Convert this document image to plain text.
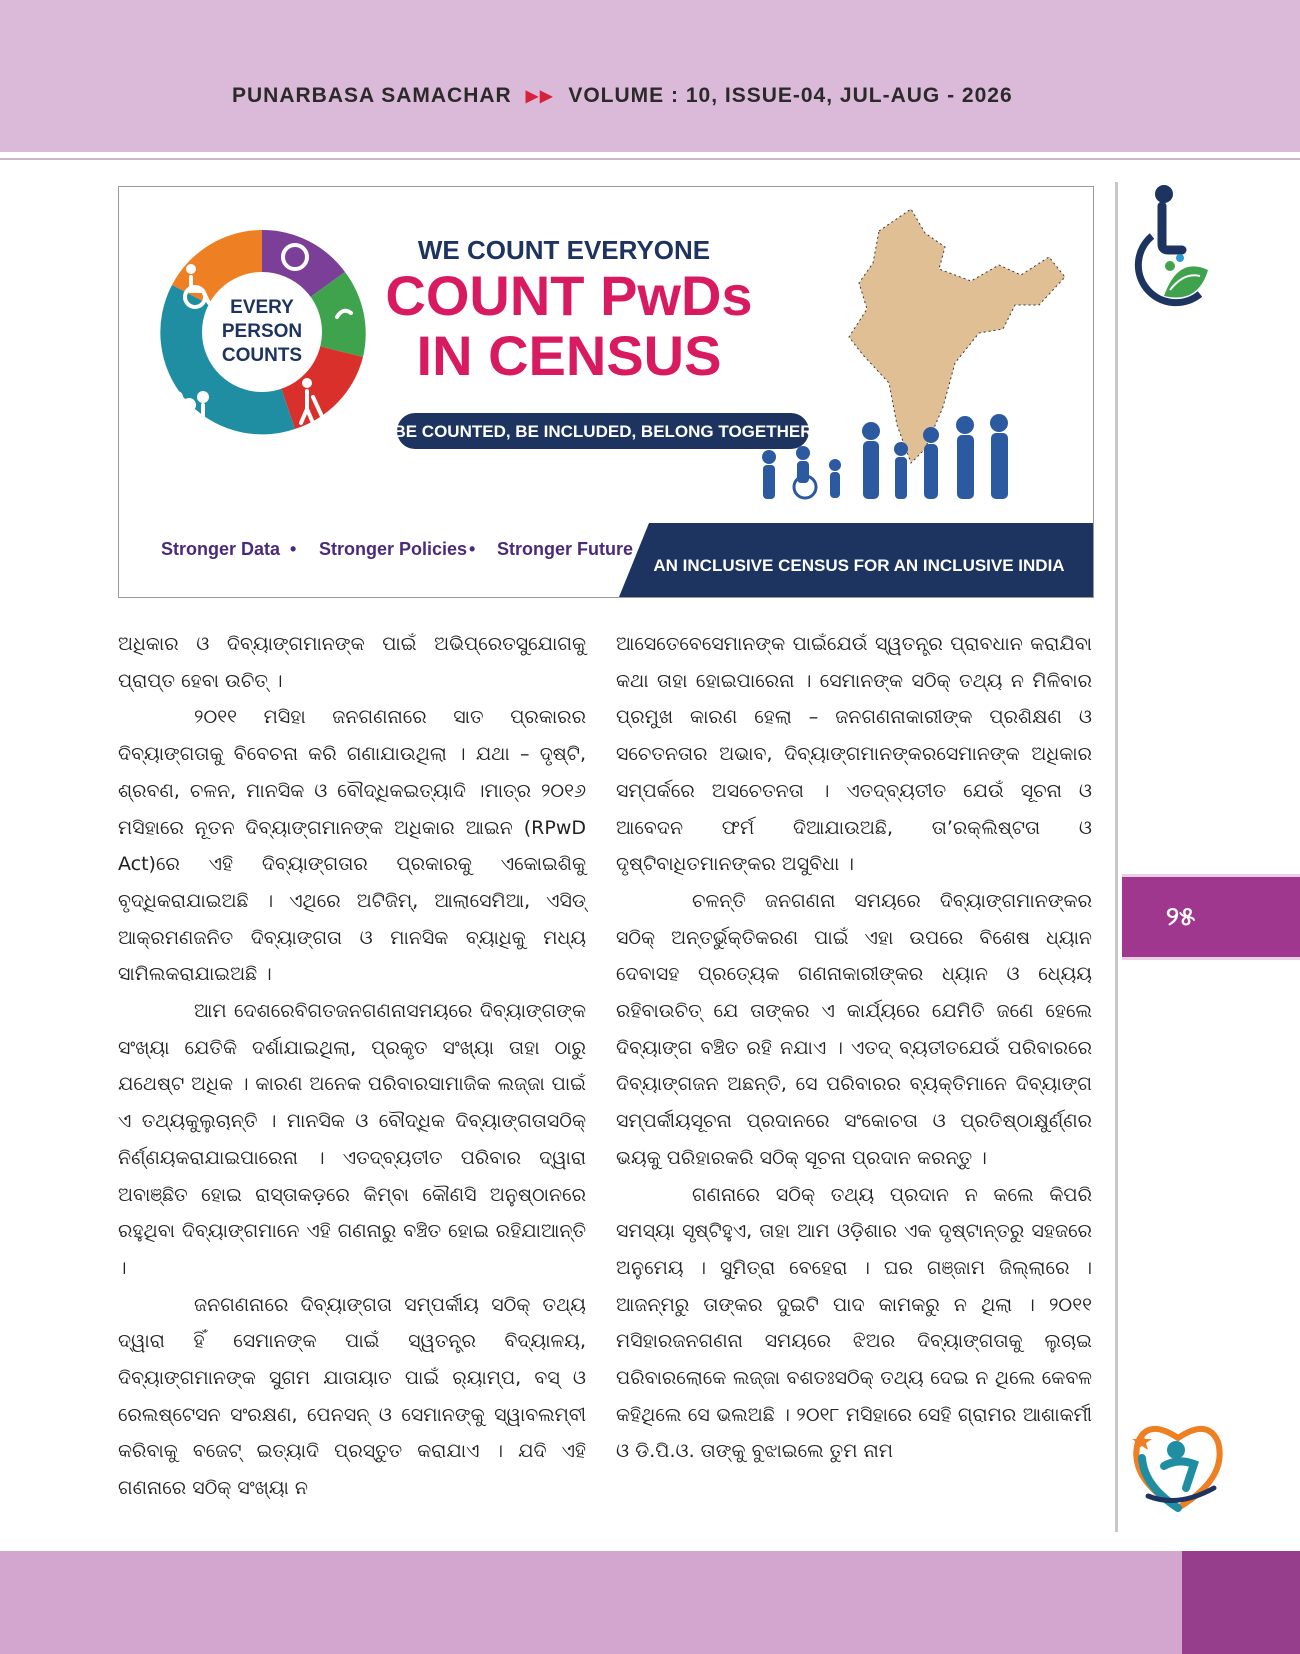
PUNARBASA SAMACHAR ▶▶ VOLUME : 10, ISSUE-04, JUL-AUG - 2026
EVERY
PERSON
COUNTS
WE COUNT EVERYONE
COUNT PwDs
IN CENSUS
BE COUNTED, BE INCLUDED, BELONG TOGETHER
Stronger Data • Stronger Policies • Stronger Future
AN INCLUSIVE CENSUS FOR AN INCLUSIVE INDIA

ଅଧିକାର ଓ ଦିବ୍ୟାଙ୍ଗମାନଙ୍କ ପାଇଁ ଅଭିପ୍ରେତସୁଯୋଗକୁ ପ୍ରାପ୍ତ ହେବା ଉଚିତ୍ ।

୨୦୧୧ ମସିହା ଜନଗଣନାରେ ସାତ ପ୍ରକାରର ଦିବ୍ୟାଙ୍ଗତାକୁ ବିବେଚନା କରି ଗଣାଯାଉଥିଲା । ଯଥା – ଦୃଷ୍ଟି, ଶ୍ରବଣ, ଚଳନ, ମାନସିକ ଓ ବୌଦ୍ଧିକଇତ୍ୟାଦି ।ମାତ୍ର ୨୦୧୬ ମସିହାରେ ନୂତନ ଦିବ୍ୟାଙ୍ଗମାନଙ୍କ ଅଧିକାର ଆଇନ (RPwD Act)ରେ ଏହି ଦିବ୍ୟାଙ୍ଗତାର ପ୍ରକାରକୁ ଏକୋଇଶିକୁ ବୃଦ୍ଧିକରାଯାଇଅଛି । ଏଥିରେ ଅଟିଜିମ୍, ଆଲାସେମିଆ, ଏସିଡ୍ ଆକ୍ରମଣଜନିତ ଦିବ୍ୟାଙ୍ଗତା ଓ ମାନସିକ ବ୍ୟାଧିକୁ ମଧ୍ୟ ସାମିଲକରାଯାଇଅଛି ।

ଆମ ଦେଶରେବିଗତଜନଗଣନାସମୟରେ ଦିବ୍ୟାଙ୍ଗଙ୍କ ସଂଖ୍ୟା ଯେତିକି ଦର୍ଶାଯାଇଥିଲା, ପ୍ରକୃତ ସଂଖ୍ୟା ତାହା ଠାରୁ ଯଥେଷ୍ଟ ଅଧିକ । କାରଣ ଅନେକ ପରିବାରସାମାଜିକ ଲଜ୍ଜା ପାଇଁ ଏ ତଥ୍ୟକୁଲୁଚାନ୍ତି । ମାନସିକ ଓ ବୌଦ୍ଧିକ ଦିବ୍ୟାଙ୍ଗତାସଠିକ୍ ନିର୍ଣ୍ଣୟକରାଯାଇପାରେନା । ଏତଦ୍‌ବ୍ୟତୀତ ପରିବାର ଦ୍ୱାରା ଅବାଞ୍ଛିତ ହୋଇ ରାସ୍ତାକଡ଼ରେ କିମ୍ବା କୌଣସି ଅନୁଷ୍ଠାନରେ ରହୁଥିବା ଦିବ୍ୟାଙ୍ଗମାନେ ଏହି ଗଣନାରୁ ବଞ୍ଚିତ ହୋଇ ରହିଯାଆନ୍ତି ।

ଜନଗଣନାରେ ଦିବ୍ୟାଙ୍ଗତା ସମ୍ପର୍କୀୟ ସଠିକ୍ ତଥ୍ୟ ଦ୍ୱାରା ହିଁ ସେମାନଙ୍କ ପାଇଁ ସ୍ୱତନ୍ତ୍ର ବିଦ୍ୟାଳୟ, ଦିବ୍ୟାଙ୍ଗମାନଙ୍କ ସୁଗମ ଯାତାୟାତ ପାଇଁ ର୍‍ୟାମ୍ପ, ବସ୍ ଓ ରେଲଷ୍ଟେସନ ସଂରକ୍ଷଣ, ପେନସନ୍ ଓ ସେମାନଙ୍କୁ ସ୍ୱାବଲମ୍ବୀ କରିବାକୁ ବଜେଟ୍ ଇତ୍ୟାଦି ପ୍ରସ୍ତୁତ କରାଯାଏ । ଯଦି ଏହି ଗଣନାରେ ସଠିକ୍ ସଂଖ୍ୟା ନ

ଆସେତେବେସେମାନଙ୍କ ପାଇଁଯେଉଁ ସ୍ୱତନ୍ତ୍ର ପ୍ରାବଧାନ କରାଯିବା କଥା ତାହା ହୋଇପାରେନା । ସେମାନଙ୍କ ସଠିକ୍ ତଥ୍ୟ ନ ମିଳିବାର ପ୍ରମୁଖ କାରଣ ହେଲା – ଜନଗଣନାକାରୀଙ୍କ ପ୍ରଶିକ୍ଷଣ ଓ ସଚେତନତାର ଅଭାବ, ଦିବ୍ୟାଙ୍ଗମାନଙ୍କରସେମାନଙ୍କ ଅଧିକାର ସମ୍ପର୍କରେ ଅସଚେତନତା । ଏତଦ୍‌ବ୍ୟତୀତ ଯେଉଁ ସୂଚନା ଓ ଆବେଦନ ଫର୍ମ ଦିଆଯାଉଅଛି, ତା’ରକ୍ଲିଷ୍ଟତା ଓ ଦୃଷ୍ଟିବାଧିତମାନଙ୍କର ଅସୁବିଧା ।

ଚଳନ୍ତି ଜନଗଣନା ସମୟରେ ଦିବ୍ୟାଙ୍ଗମାନଙ୍କର ସଠିକ୍ ଅନ୍ତର୍ଭୁକ୍ତିକରଣ ପାଇଁ ଏହା ଉପରେ ବିଶେଷ ଧ୍ୟାନ ଦେବାସହ ପ୍ରତ୍ୟେକ ଗଣନାକାରୀଙ୍କର ଧ୍ୟାନ ଓ ଧ୍ୟେୟ ରହିବାଉଚିତ୍ ଯେ ତାଙ୍କର ଏ କାର୍ଯ୍ୟରେ ଯେମିତି ଜଣେ ହେଲେ ଦିବ୍ୟାଙ୍ଗ ବଞ୍ଚିତ ରହି ନଯାଏ । ଏତଦ୍ ବ୍ୟତୀତଯେଉଁ ପରିବାରରେ ଦିବ୍ୟାଙ୍ଗଜନ ଅଛନ୍ତି, ସେ ପରିବାରର ବ୍ୟକ୍ତିମାନେ ଦିବ୍ୟାଙ୍ଗ ସମ୍ପର୍କୀୟସୂଚନା ପ୍ରଦାନରେ ସଂକୋଚତା ଓ ପ୍ରତିଷ୍ଠାକ୍ଷୁର୍ଣ୍ଣର ଭୟକୁ ପରିହାରକରି ସଠିକ୍ ସୂଚନା ପ୍ରଦାନ କରନ୍ତୁ ।

ଗଣନାରେ ସଠିକ୍ ତଥ୍ୟ ପ୍ରଦାନ ନ କଲେ କିପରି ସମସ୍ୟା ସୃଷ୍ଟିହୁଏ, ତାହା ଆମ ଓଡ଼ିଶାର ଏକ ଦୃଷ୍ଟାନ୍ତରୁ ସହଜରେ ଅନୁମେୟ । ସୁମିତ୍ରା ବେହେରା । ଘର ଗଞ୍ଜାମ ଜିଲ୍ଲାରେ । ଆଜନ୍ମରୁ ତାଙ୍କର ଦୁଇଟି ପାଦ କାମକରୁ ନ ଥିଲା । ୨୦୧୧ ମସିହାରଜନଗଣନା ସମୟରେ ଝିଅର ଦିବ୍ୟାଙ୍ଗତାକୁ ଲୁଚାଇ ପରିବାରଲୋକେ ଲଜ୍ଜା ବଶତଃସଠିକ୍ ତଥ୍ୟ ଦେଇ ନ ଥିଲେ କେବଳ କହିଥିଲେ ସେ ଭଲଅଛି । ୨୦୧୮ ମସିହାରେ ସେହି ଗ୍ରାମର ଆଶାକର୍ମୀ ଓ ଡି.ପି.ଓ. ତାଙ୍କୁ ବୁଝାଇଲେ ତୁମ ନାମ

୨୫
